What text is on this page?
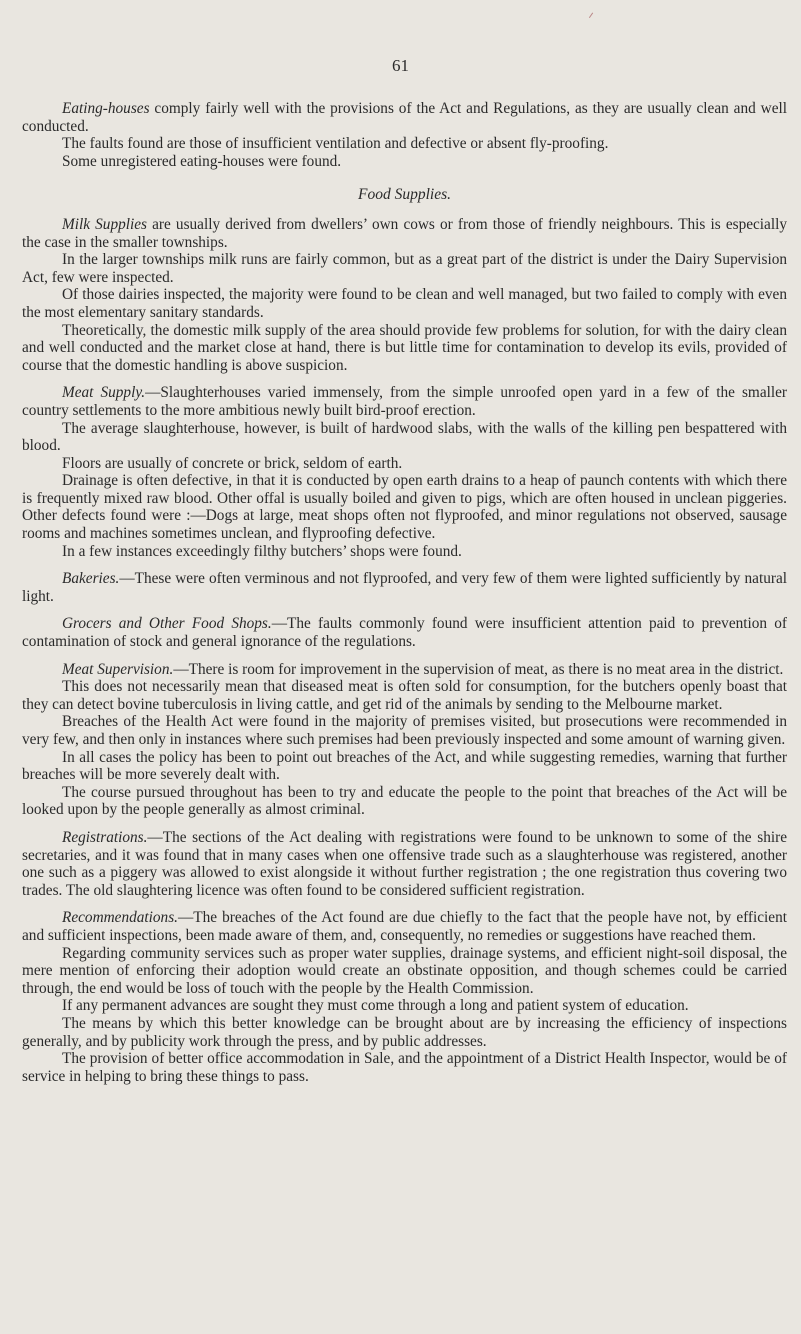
61

Eating-houses comply fairly well with the provisions of the Act and Regulations, as they are usually clean and well conducted.

The faults found are those of insufficient ventilation and defective or absent fly-proofing.

Some unregistered eating-houses were found.

Food Supplies.

Milk Supplies are usually derived from dwellers’ own cows or from those of friendly neighbours. This is especially the case in the smaller townships.

In the larger townships milk runs are fairly common, but as a great part of the district is under the Dairy Supervision Act, few were inspected.

Of those dairies inspected, the majority were found to be clean and well managed, but two failed to comply with even the most elementary sanitary standards.

Theoretically, the domestic milk supply of the area should provide few problems for solution, for with the dairy clean and well conducted and the market close at hand, there is but little time for contamination to develop its evils, provided of course that the domestic handling is above suspicion.

Meat Supply.—Slaughterhouses varied immensely, from the simple unroofed open yard in a few of the smaller country settlements to the more ambitious newly built bird-proof erection.

The average slaughterhouse, however, is built of hardwood slabs, with the walls of the killing pen bespattered with blood.

Floors are usually of concrete or brick, seldom of earth.

Drainage is often defective, in that it is conducted by open earth drains to a heap of paunch contents with which there is frequently mixed raw blood. Other offal is usually boiled and given to pigs, which are often housed in unclean piggeries. Other defects found were :—Dogs at large, meat shops often not flyproofed, and minor regulations not observed, sausage rooms and machines sometimes unclean, and flyproofing defective.

In a few instances exceedingly filthy butchers’ shops were found.

Bakeries.—These were often verminous and not flyproofed, and very few of them were lighted sufficiently by natural light.

Grocers and Other Food Shops.—The faults commonly found were insufficient attention paid to prevention of contamination of stock and general ignorance of the regulations.

Meat Supervision.—There is room for improvement in the supervision of meat, as there is no meat area in the district.

This does not necessarily mean that diseased meat is often sold for consumption, for the butchers openly boast that they can detect bovine tuberculosis in living cattle, and get rid of the animals by sending to the Melbourne market.

Breaches of the Health Act were found in the majority of premises visited, but prosecutions were recommended in very few, and then only in instances where such premises had been previously inspected and some amount of warning given.

In all cases the policy has been to point out breaches of the Act, and while suggesting remedies, warning that further breaches will be more severely dealt with.

The course pursued throughout has been to try and educate the people to the point that breaches of the Act will be looked upon by the people generally as almost criminal.

Registrations.—The sections of the Act dealing with registrations were found to be unknown to some of the shire secretaries, and it was found that in many cases when one offensive trade such as a slaughterhouse was registered, another one such as a piggery was allowed to exist alongside it without further registration ; the one registration thus covering two trades. The old slaughtering licence was often found to be considered sufficient registration.

Recommendations.—The breaches of the Act found are due chiefly to the fact that the people have not, by efficient and sufficient inspections, been made aware of them, and, consequently, no remedies or suggestions have reached them.

Regarding community services such as proper water supplies, drainage systems, and efficient night-soil disposal, the mere mention of enforcing their adoption would create an obstinate opposition, and though schemes could be carried through, the end would be loss of touch with the people by the Health Commission.

If any permanent advances are sought they must come through a long and patient system of education.

The means by which this better knowledge can be brought about are by increasing the efficiency of inspections generally, and by publicity work through the press, and by public addresses.

The provision of better office accommodation in Sale, and the appointment of a District Health Inspector, would be of service in helping to bring these things to pass.
